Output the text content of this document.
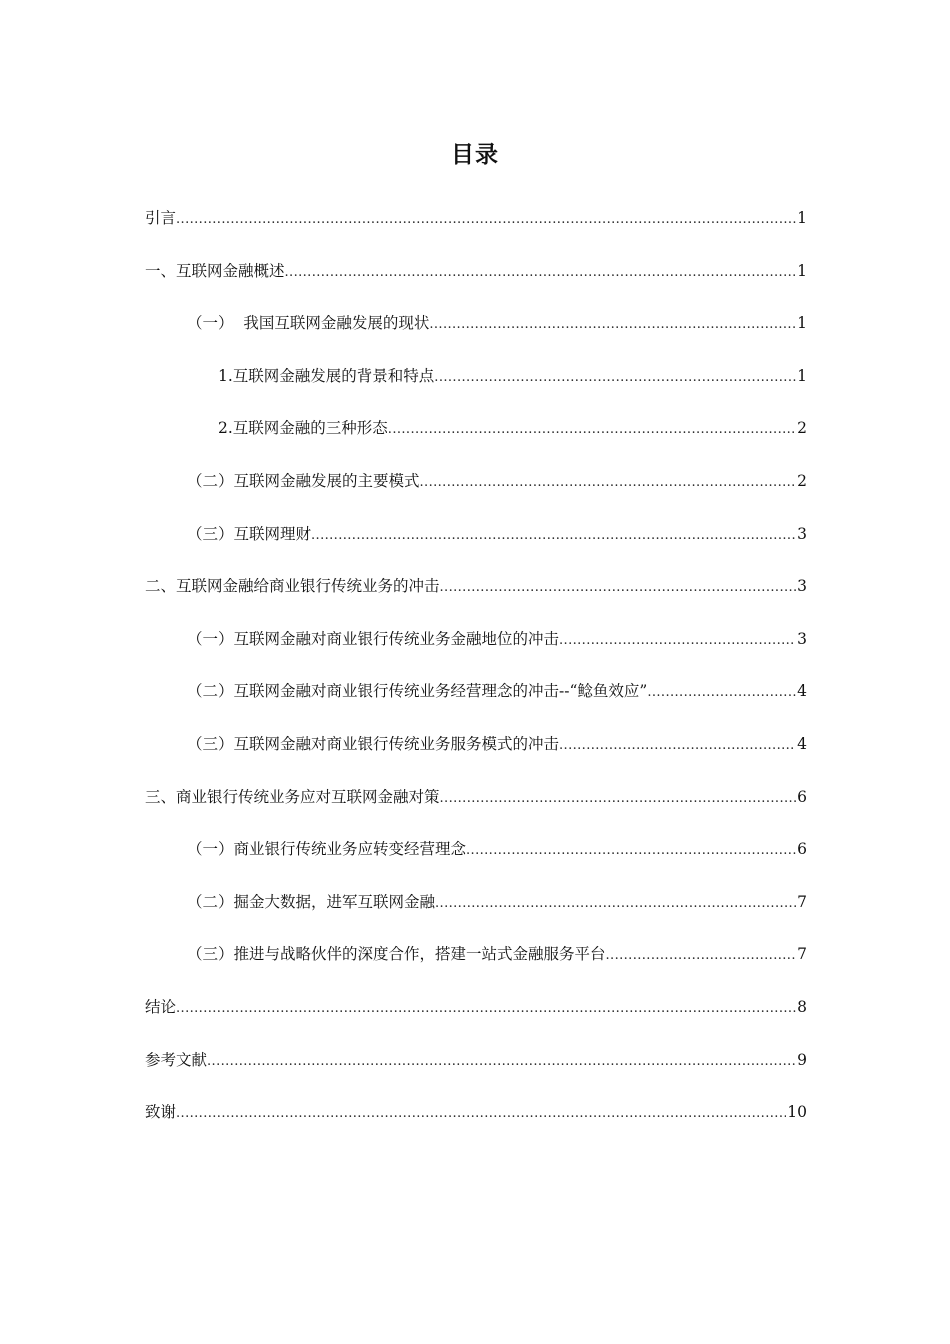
目录
引言 .....	1
一、互联网金融概述 .....	1
（一）  我国互联网金融发展的现状 .....	1
1.互联网金融发展的背景和特点 .....	1
2.互联网金融的三种形态 .....	2
（二）互联网金融发展的主要模式 .....	2
（三）互联网理财 .....	3
二、互联网金融给商业银行传统业务的冲击 .....	3
（一）互联网金融对商业银行传统业务金融地位的冲击 .....	3
（二）互联网金融对商业银行传统业务经营理念的冲击--“鲶鱼效应” .....	4
（三）互联网金融对商业银行传统业务服务模式的冲击 .....	4
三、商业银行传统业务应对互联网金融对策 .....	6
（一）商业银行传统业务应转变经营理念 .....	6
（二）掘金大数据，进军互联网金融 .....	7
（三）推进与战略伙伴的深度合作，搭建一站式金融服务平台 .....	7
结论 .....	8
参考文献 .....	9
致谢 .....	10
